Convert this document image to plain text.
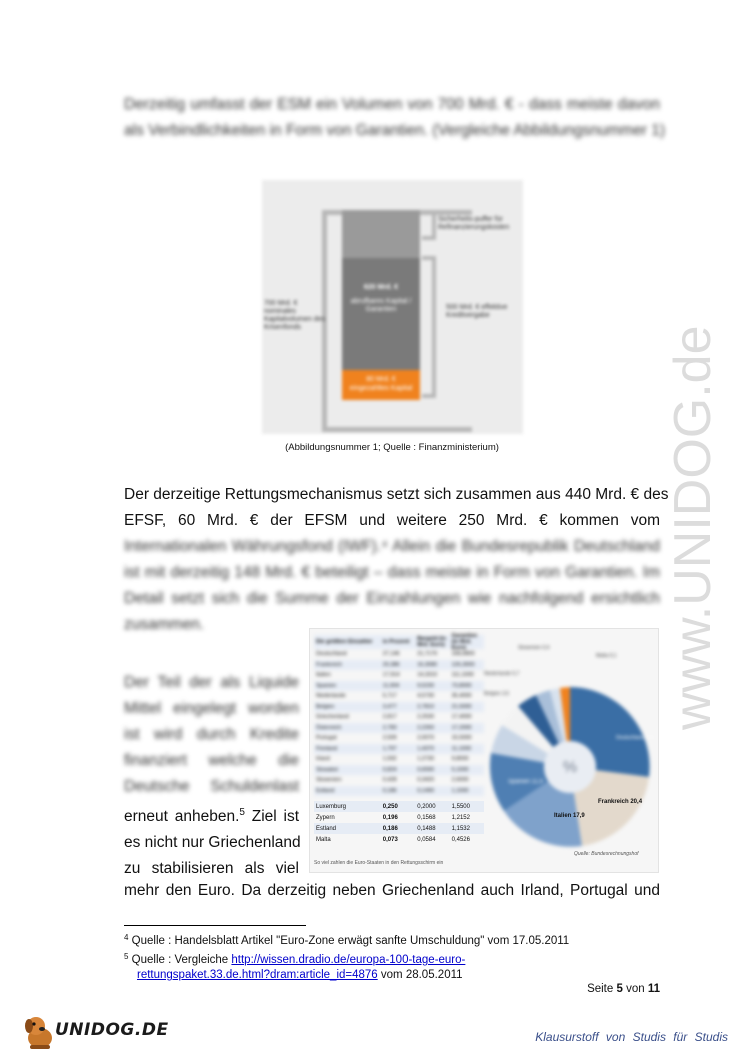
Derzeitig umfasst der ESM ein Volumen von 700 Mrd. € - dass meiste davon
als Verbindlichkeiten in Form von Garantien. (Vergleiche Abbildungsnummer 1)
Sicherheits-puffer für Refinanzierungskosten
620 Mrd. €
abrufbares Kapital / Garantien
700 Mrd. € nominales Kapitalvolumen des Krisenfonds
500 Mrd. € effektive Kreditvergabe
80 Mrd. €
eingezahltes Kapital
(Abbildungsnummer 1; Quelle : Finanzministerium)
Der derzeitige Rettungsmechanismus setzt sich zusammen aus 440 Mrd. € des
EFSF, 60 Mrd. € der EFSM und weitere 250 Mrd. € kommen vom
Internationalen Währungsfond (IWF).⁴ Allein die Bundesrepublik Deutschland
ist mit derzeitig 148 Mrd. € beteiligt – dass meiste in Form von Garantien. Im
Detail setzt sich die Summe der Einzahlungen wie nachfolgend ersichtlich
zusammen.
Der Teil der als Liquide
Mittel eingelegt worden
ist wird durch Kredite
finanziert welche die
Deutsche Schuldenlast
erneut anheben.$^5$ Ziel ist
es nicht nur Griechenland
zu stabilisieren als viel
mehr den Euro. Da derzeitig neben Griechenland auch Irland, Portugal und
Die größten Einzahler	in Prozent	Bargeld (in Mrd. Euro)
Garantien (in Mrd. Euro)
Deutschland	27,146	21,7170	168,6800
Frankreich	20,386	16,3080	126,3000
Italien	17,914	14,3310	111,1000
Spanien	11,904	9,5230	73,8000
Niederlande	5,717	4,5730	35,4000
Belgien	3,477	2,7810	21,5000
Griechenland	2,817	2,2530	17,4000
Österreich	2,783	2,2260	17,2000
Portugal	2,509	2,0070	15,5000
Finnland	1,797	1,4370	11,1000
Irland	1,592	1,2730	9,8000
Slowakei	0,824	0,6590	5,1000
Slowenien	0,428	0,3420	2,6000
Estland	0,186	0,1490	1,1000
Luxemburg	0,250	0,2000	1,5500
Zypern	0,196	0,1568	1,2152
Estland	0,186	0,1488	1,1532
Malta	0,073	0,0584	0,4526
So viel zahlen die Euro-Staaten in den Rettungsschirm ein
Slowenien 0,4
Malta 0,1
Niederlande 5,7
Belgien 3,5
%
Italien 17,9
Frankreich 20,4
Spanien 11,9
Deutschland 27,1
Quelle: Bundesrechnungshof
www.UNIDOG.de
$^4$ Quelle : Handelsblatt Artikel "Euro-Zone erwägt sanfte Umschuldung" vom 17.05.2011
$^5$ Quelle : Vergleiche http://wissen.dradio.de/europa-100-tage-euro-
rettungspaket.33.de.html?dram:article_id=4876 vom 28.05.2011
Seite 5 von 11
UNIDOG.DE	Klausurstoff von Studis für Studis
